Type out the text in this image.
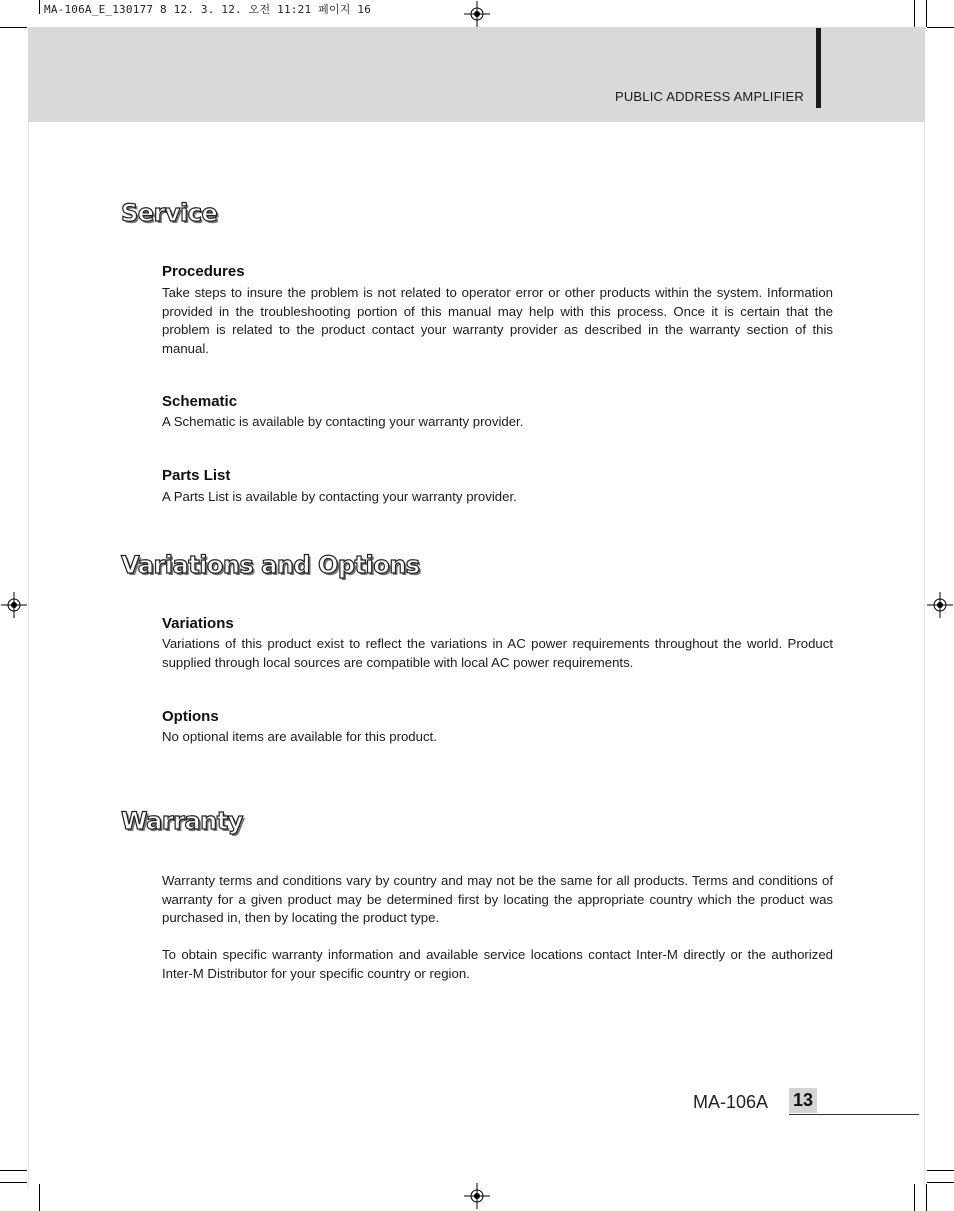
MA-106A_E_130177 8 12. 3. 12. 오전 11:21 페이지 16
PUBLIC ADDRESS AMPLIFIER
Service
Procedures

Take steps to insure the problem is not related to operator error or other products within the system. Information provided in the troubleshooting portion of this manual may help with this process. Once it is certain that the problem is related to the product contact your warranty provider as described in the warranty section of this manual.

Schematic

A Schematic is available by contacting your warranty provider.

Parts List

A Parts List is available by contacting your warranty provider.

Variations and Options
Variations

Variations of this product exist to reflect the variations in AC power requirements throughout the world. Product supplied through local sources are compatible with local AC power requirements.

Options

No optional items are available for this product.

Warranty

Warranty terms and conditions vary by country and may not be the same for all products. Terms and conditions of warranty for a given product may be determined first by locating the appropriate country which the product was purchased in, then by locating the product type.

To obtain specific warranty information and available service locations contact Inter-M directly or the authorized Inter-M Distributor for your specific country or region.

MA-106A 13
